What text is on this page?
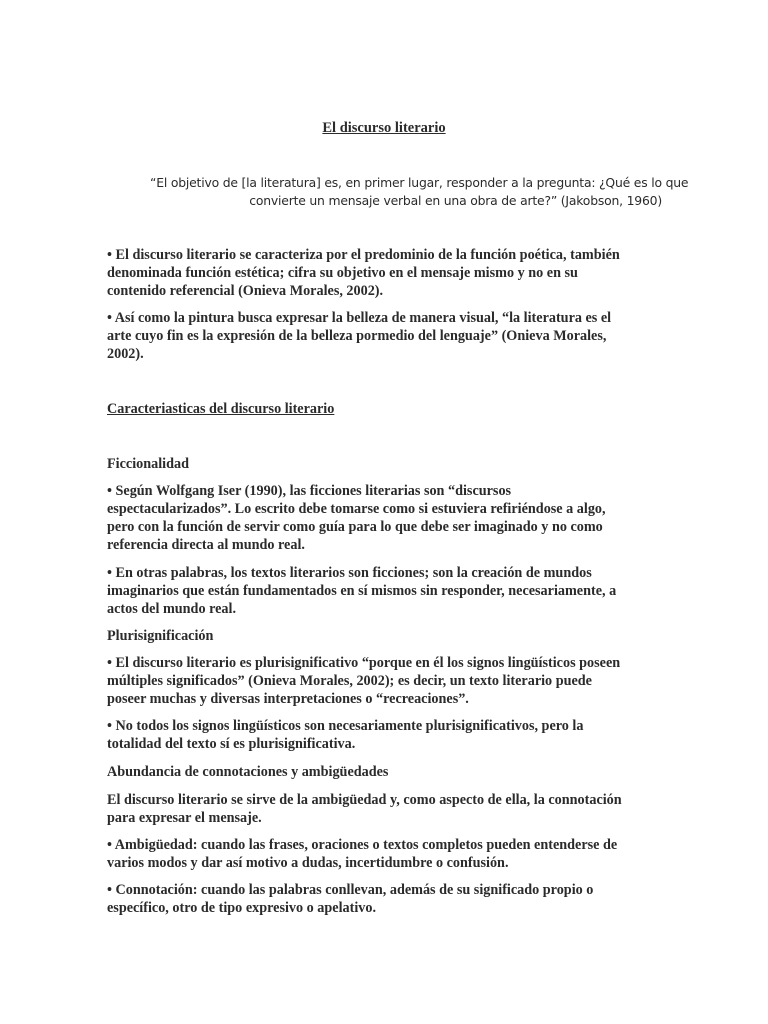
El discurso literario
“El objetivo de [la literatura] es, en primer lugar, responder a la pregunta: ¿Qué es lo que
convierte un mensaje verbal en una obra de arte?” (Jakobson, 1960)
• El discurso literario se caracteriza por el predominio de la función poética, también
denominada función estética; cifra su objetivo en el mensaje mismo y no en su
contenido referencial (Onieva Morales, 2002).
• Así como la pintura busca expresar la belleza de manera visual, “la literatura es el
arte cuyo fin es la expresión de la belleza pormedio del lenguaje” (Onieva Morales,
2002).
Caracteriasticas del discurso literario
Ficcionalidad
• Según Wolfgang Iser (1990), las ficciones literarias son “discursos
espectacularizados”. Lo escrito debe tomarse como si estuviera refiriéndose a algo,
pero con la función de servir como guía para lo que debe ser imaginado y no como
referencia directa al mundo real.
• En otras palabras, los textos literarios son ficciones; son la creación de mundos
imaginarios que están fundamentados en sí mismos sin responder, necesariamente, a
actos del mundo real.
Plurisignificación
• El discurso literario es plurisignificativo “porque en él los signos lingüísticos poseen
múltiples significados” (Onieva Morales, 2002); es decir, un texto literario puede
poseer muchas y diversas interpretaciones o “recreaciones”.
• No todos los signos lingüísticos son necesariamente plurisignificativos, pero la
totalidad del texto sí es plurisignificativa.
Abundancia de connotaciones y ambigüedades
El discurso literario se sirve de la ambigüedad y, como aspecto de ella, la connotación
para expresar el mensaje.
• Ambigüedad: cuando las frases, oraciones o textos completos pueden entenderse de
varios modos y dar así motivo a dudas, incertidumbre o confusión.
• Connotación: cuando las palabras conllevan, además de su significado propio o
específico, otro de tipo expresivo o apelativo.
